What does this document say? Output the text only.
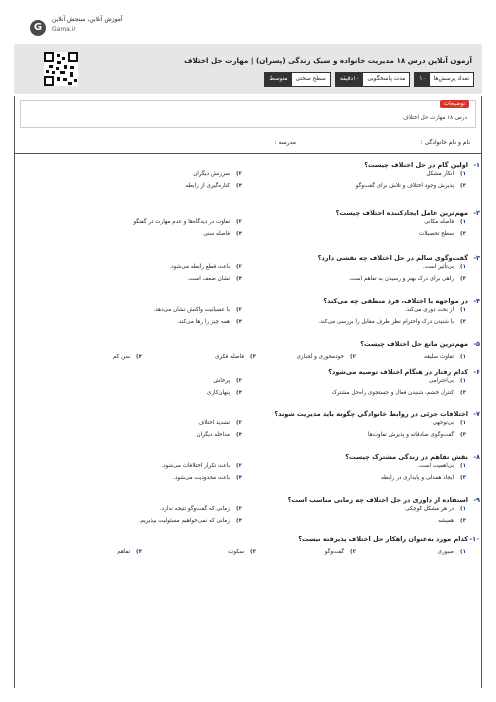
G
آموزش آنلاین، سنجش آنلاین
Gama.ir
آزمون آنلاین درس ۱۸ مدیریت خانواده و سبک زندگی (پسران) | مهارت حل اختلاف
تعداد پرسش‌ها
۱۰
مدت پاسخگویی
۱۰دقیقه
سطح سختی
متوسط
توضیحات
درس ۱۸ مهارت حل اختلاف
نام و نام خانوادگی :
مدرسه :
۱-
اولین گام در حل اختلاف چیست؟
۱)انکار مشکل
۲)سرزنش دیگران
۳)پذیرش وجود اختلاف و تلاش برای گفت‌وگو
۴)کناره‌گیری از رابطه
۲-
مهم‌ترین عامل ایجادکننده اختلاف چیست؟
۱)فاصله مکانی
۲)تفاوت در دیدگاه‌ها و عدم مهارت در گفتگو
۳)سطح تحصیلات
۴)فاصله سنی
۳-
گفت‌وگوی سالم در حل اختلاف چه نقشی دارد؟
۱)بی‌تأثیر است.
۲)باعث قطع رابطه می‌شود.
۳)راهی برای درک بهتر و رسیدن به تفاهم است.
۴)نشان ضعف است.
۴-
در مواجهه با اختلاف، فرد منطقی چه می‌کند؟
۱)از بحث دوری می‌کند.
۲)با عصبانیت واکنش نشان می‌دهد.
۳)با شنیدن درک واحترام نظر طرف مقابل را بررسی می‌کند.
۴)همه چیز را رها می‌کند.
۵-
مهم‌ترین مانع حل اختلاف چیست؟
۱)تفاوت سلیقه
۲)خودمحوری و لجبازی
۳)فاصله فکری
۴)سن کم
۶-
کدام رفتار در هنگام اختلاف توصیه می‌شود؟
۱)بی‌احترامی
۲)پرخاش
۳)کنترل خشم، شنیدن فعال و جستجوی راه‌حل مشترک
۴)پنهان‌کاری
۷-
اختلافات جزئی در روابط خانوادگی چگونه باید مدیریت شوند؟
۱)بی‌توجهی
۲)تشدید اختلاف
۳)گفت‌وگوی صادقانه و پذیرش تفاوت‌ها
۴)مداخله دیگران
۸-
نقش تفاهم در زندگی مشترک چیست؟
۱)بی‌اهمیت است.
۲)باعث تکرار اختلافات می‌شود.
۳)ایجاد همدلی و پایداری در رابطه
۴)باعث محدودیت می‌شود.
۹-
استفاده از داوری در حل اختلاف چه زمانی مناسب است؟
۱)در هر مشکل کوچکی
۲)زمانی که گفت‌وگو نتیجه ندارد.
۳)همیشه
۴)زمانی که نمی‌خواهیم مسئولیت بپذیریم.
۱۰-
کدام مورد به‌عنوان راهکار حل اختلاف پذیرفته نیست؟
۱)صبوری
۲)گفت‌وگو
۳)سکوت
۴)تفاهم
